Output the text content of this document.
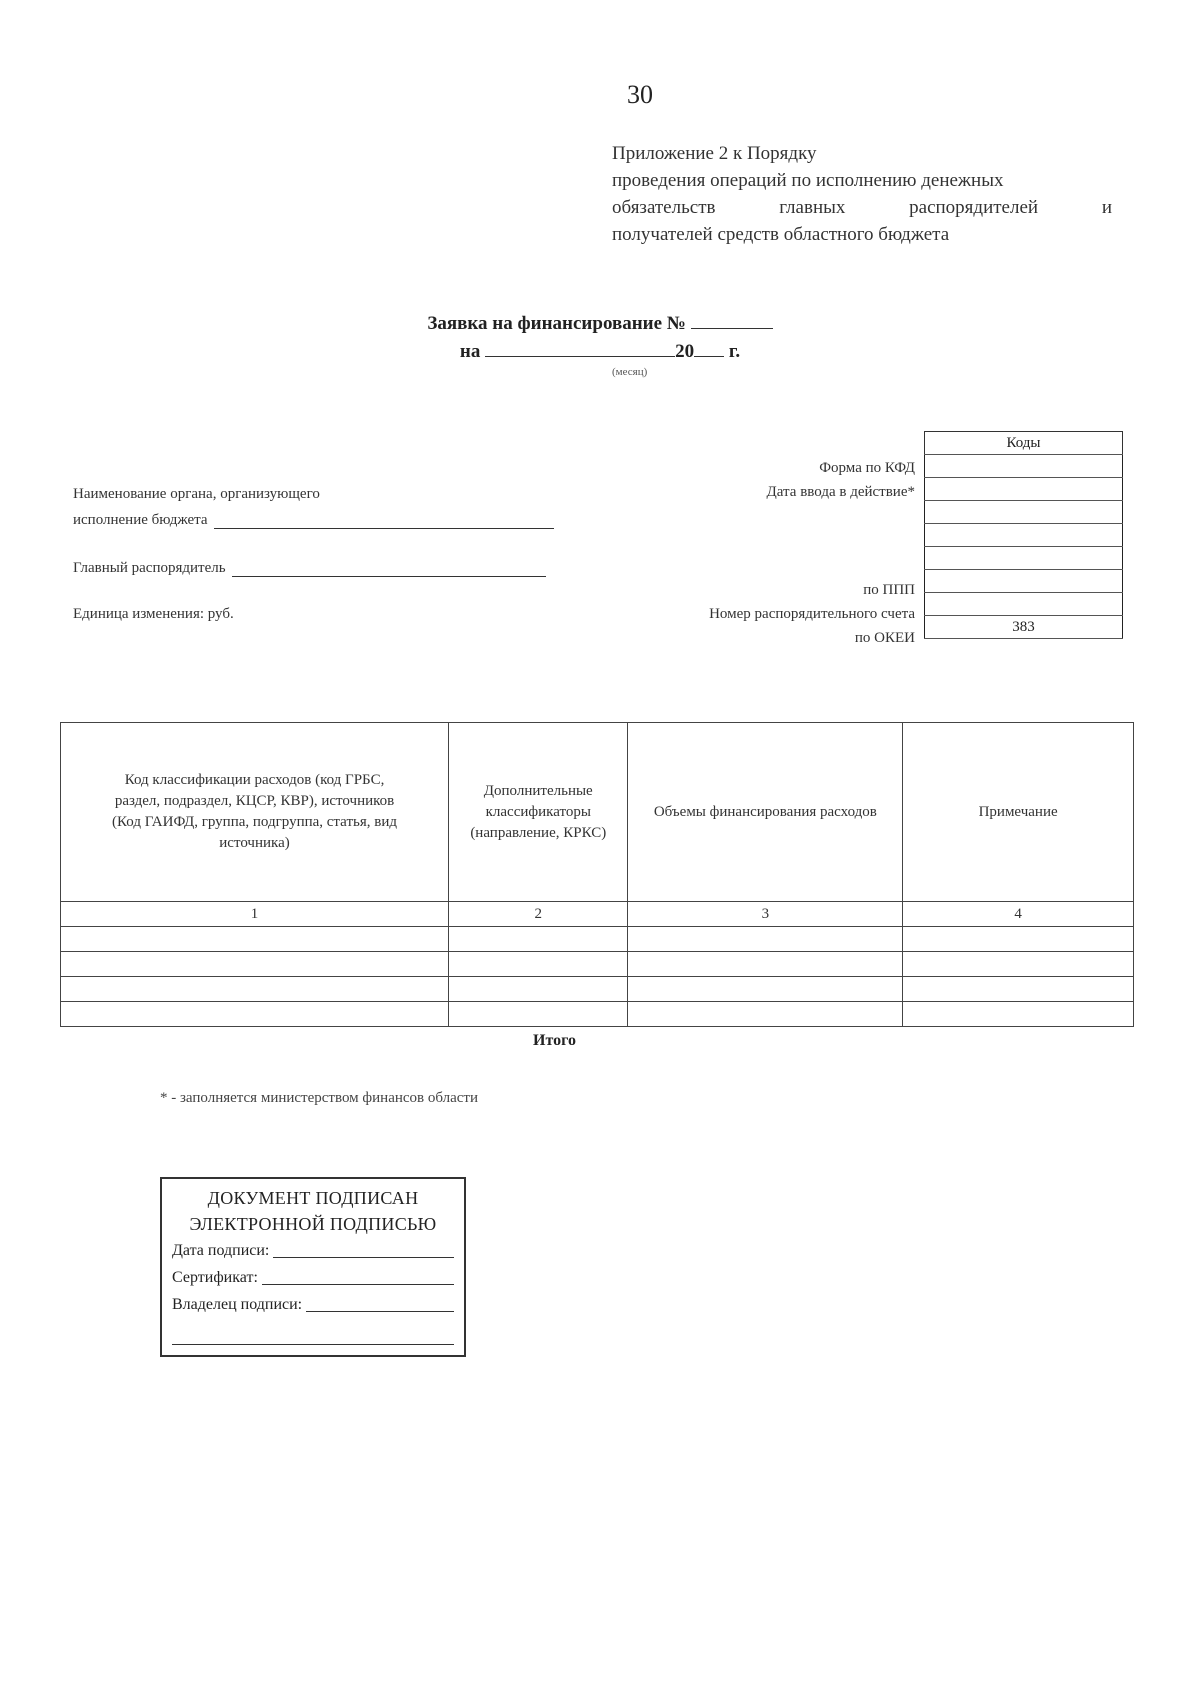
30
Приложение 2 к Порядку
проведения операций по исполнению денежных
обязательств главных распорядителей и
получателей средств областного бюджета
Заявка на финансирование №
на	20 г.
(месяц)
Наименование органа, организующего
исполнение бюджета
Главный распорядитель
Единица изменения: руб.
Форма по КФД
Дата ввода в действие*
по ППП
Номер распорядительного счета
по ОКЕИ
Коды

383
Код классификации расходов (код ГРБС, раздел, подраздел, КЦСР, КВР), источников (Код ГАИФД, группа, подгруппа, статья, вид источника)	Дополнительные классификаторы (направление, КРКС)	Объемы финансирования расходов	Примечание
1	2	3	4

Итого
* - заполняется министерством финансов области
ДОКУМЕНТ ПОДПИСАН
ЭЛЕКТРОННОЙ ПОДПИСЬЮ
Дата подписи:
Сертификат:
Владелец подписи:
